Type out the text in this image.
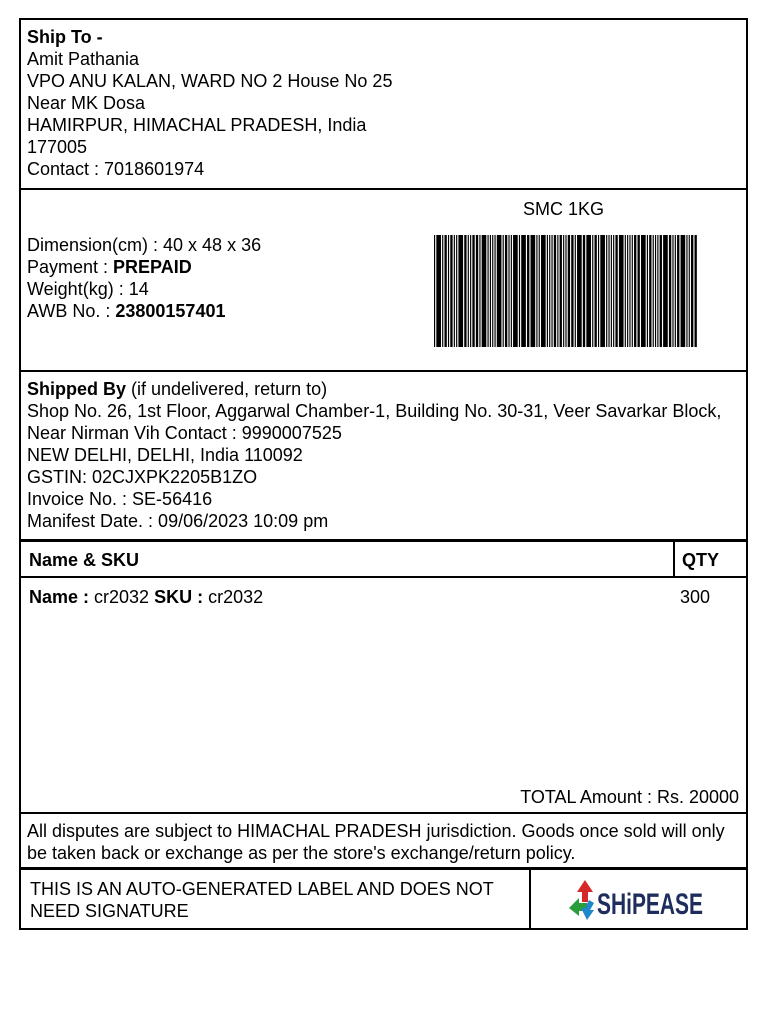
Ship To -
Amit Pathania
VPO ANU KALAN, WARD NO 2 House No 25
Near MK Dosa
HAMIRPUR, HIMACHAL PRADESH, India
177005
Contact : 7018601974
SMC 1KG
Dimension(cm) : 40 x 48 x 36
Payment : PREPAID
Weight(kg) : 14
AWB No. : 23800157401
Shipped By (if undelivered, return to)
Shop No. 26, 1st Floor, Aggarwal Chamber-1, Building No. 30-31, Veer Savarkar Block, Near Nirman Vih Contact : 9990007525
NEW DELHI, DELHI, India 110092
GSTIN: 02CJXPK2205B1ZO
Invoice No. : SE-56416
Manifest Date. : 09/06/2023 10:09 pm
Name & SKU	QTY
Name : cr2032 SKU : cr2032	300
TOTAL Amount : Rs. 20000
All disputes are subject to HIMACHAL PRADESH jurisdiction. Goods once sold will only be taken back or exchange as per the store's exchange/return policy.
THIS IS AN AUTO-GENERATED LABEL AND DOES NOT NEED SIGNATURE	SHiPEASE
